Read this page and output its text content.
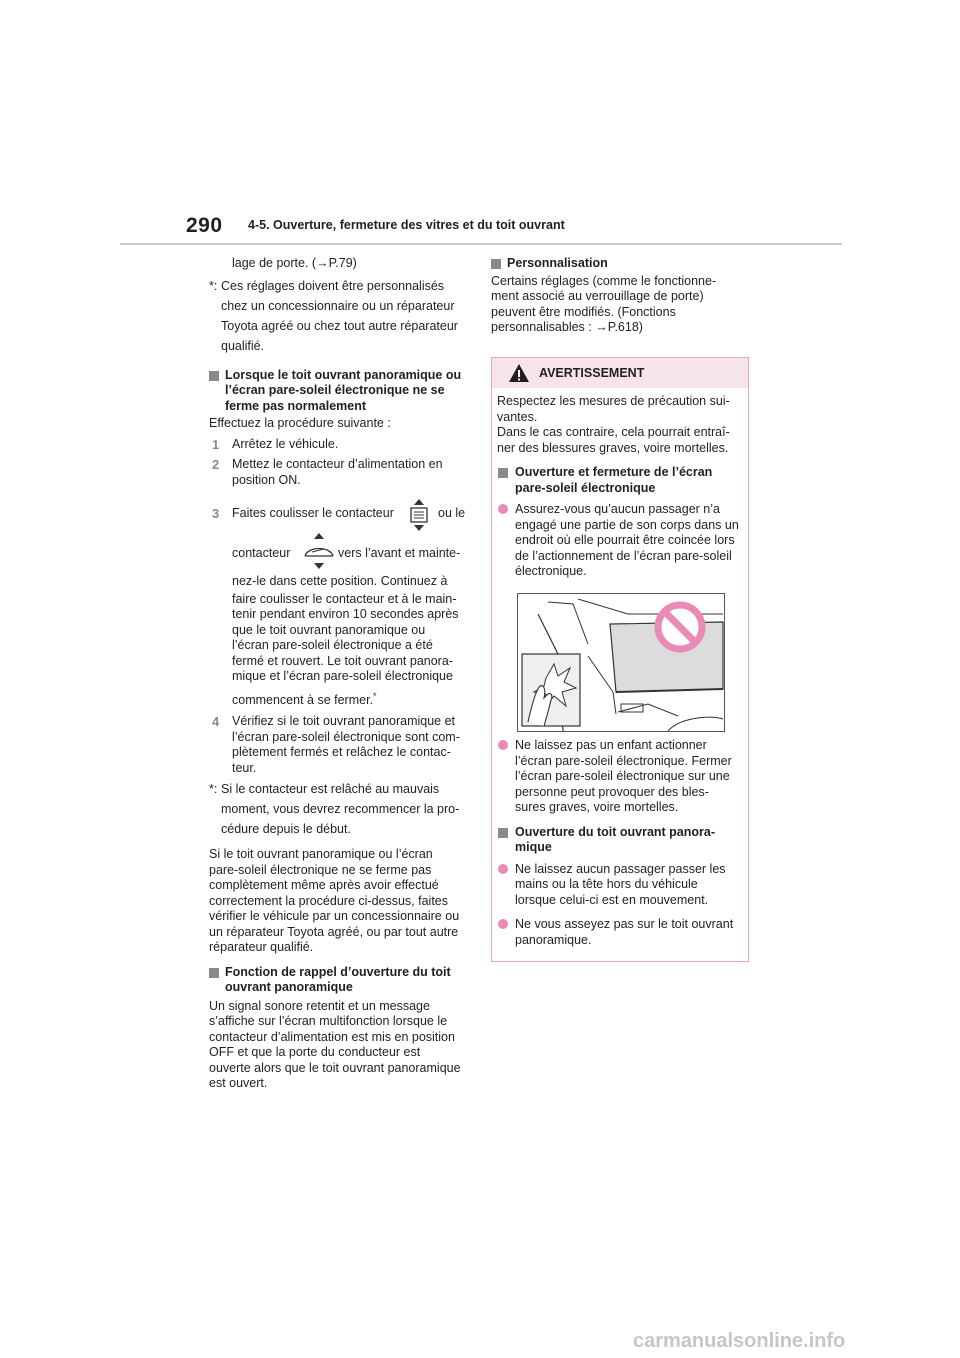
290 4-5. Ouverture, fermeture des vitres et du toit ouvrant

lage de porte. (→P.79)

*: Ces réglages doivent être personnalisés
chez un concessionnaire ou un réparateur
Toyota agréé ou chez tout autre réparateur
qualifié.
Lorsque le toit ouvrant panoramique ou
l’écran pare-soleil électronique ne se
ferme pas normalement

Effectuez la procédure suivante :

1 Arrêtez le véhicule.
2 Mettez le contacteur d’alimentation en
position ON.
3 Faites coulisser le contacteur	ou le
contacteur	vers l’avant et mainte-
nez-le dans cette position. Continuez à
faire coulisser le contacteur et à le main-
tenir pendant environ 10 secondes après
que le toit ouvrant panoramique ou
l’écran pare-soleil électronique a été
fermé et rouvert. Le toit ouvrant panora-
mique et l’écran pare-soleil électronique
commencent à se fermer.*
4 Vérifiez si le toit ouvrant panoramique et
l’écran pare-soleil électronique sont com-
plètement fermés et relâchez le contac-
teur.
*: Si le contacteur est relâché au mauvais
moment, vous devrez recommencer la pro-
cédure depuis le début.
Si le toit ouvrant panoramique ou l’écran
pare-soleil électronique ne se ferme pas
complètement même après avoir effectué
correctement la procédure ci-dessus, faites
vérifier le véhicule par un concessionnaire ou
un réparateur Toyota agréé, ou par tout autre
réparateur qualifié.
Fonction de rappel d’ouverture du toit
ouvrant panoramique
Un signal sonore retentit et un message
s’affiche sur l’écran multifonction lorsque le
contacteur d’alimentation est mis en position
OFF et que la porte du conducteur est
ouverte alors que le toit ouvrant panoramique
est ouvert.
Personnalisation
Certains réglages (comme le fonctionne-
ment associé au verrouillage de porte)
peuvent être modifiés. (Fonctions
personnalisables : →P.618)
AVERTISSEMENT
Respectez les mesures de précaution sui-
vantes.
Dans le cas contraire, cela pourrait entraî-
ner des blessures graves, voire mortelles.
Ouverture et fermeture de l’écran
pare-soleil électronique
Assurez-vous qu’aucun passager n’a
engagé une partie de son corps dans un
endroit où elle pourrait être coincée lors
de l’actionnement de l’écran pare-soleil
électronique.
Ne laissez pas un enfant actionner
l’écran pare-soleil électronique. Fermer
l’écran pare-soleil électronique sur une
personne peut provoquer des bles-
sures graves, voire mortelles.
Ouverture du toit ouvrant panora-
mique
Ne laissez aucun passager passer les
mains ou la tête hors du véhicule
lorsque celui-ci est en mouvement.
Ne vous asseyez pas sur le toit ouvrant
panoramique.
carmanualsonline.info
